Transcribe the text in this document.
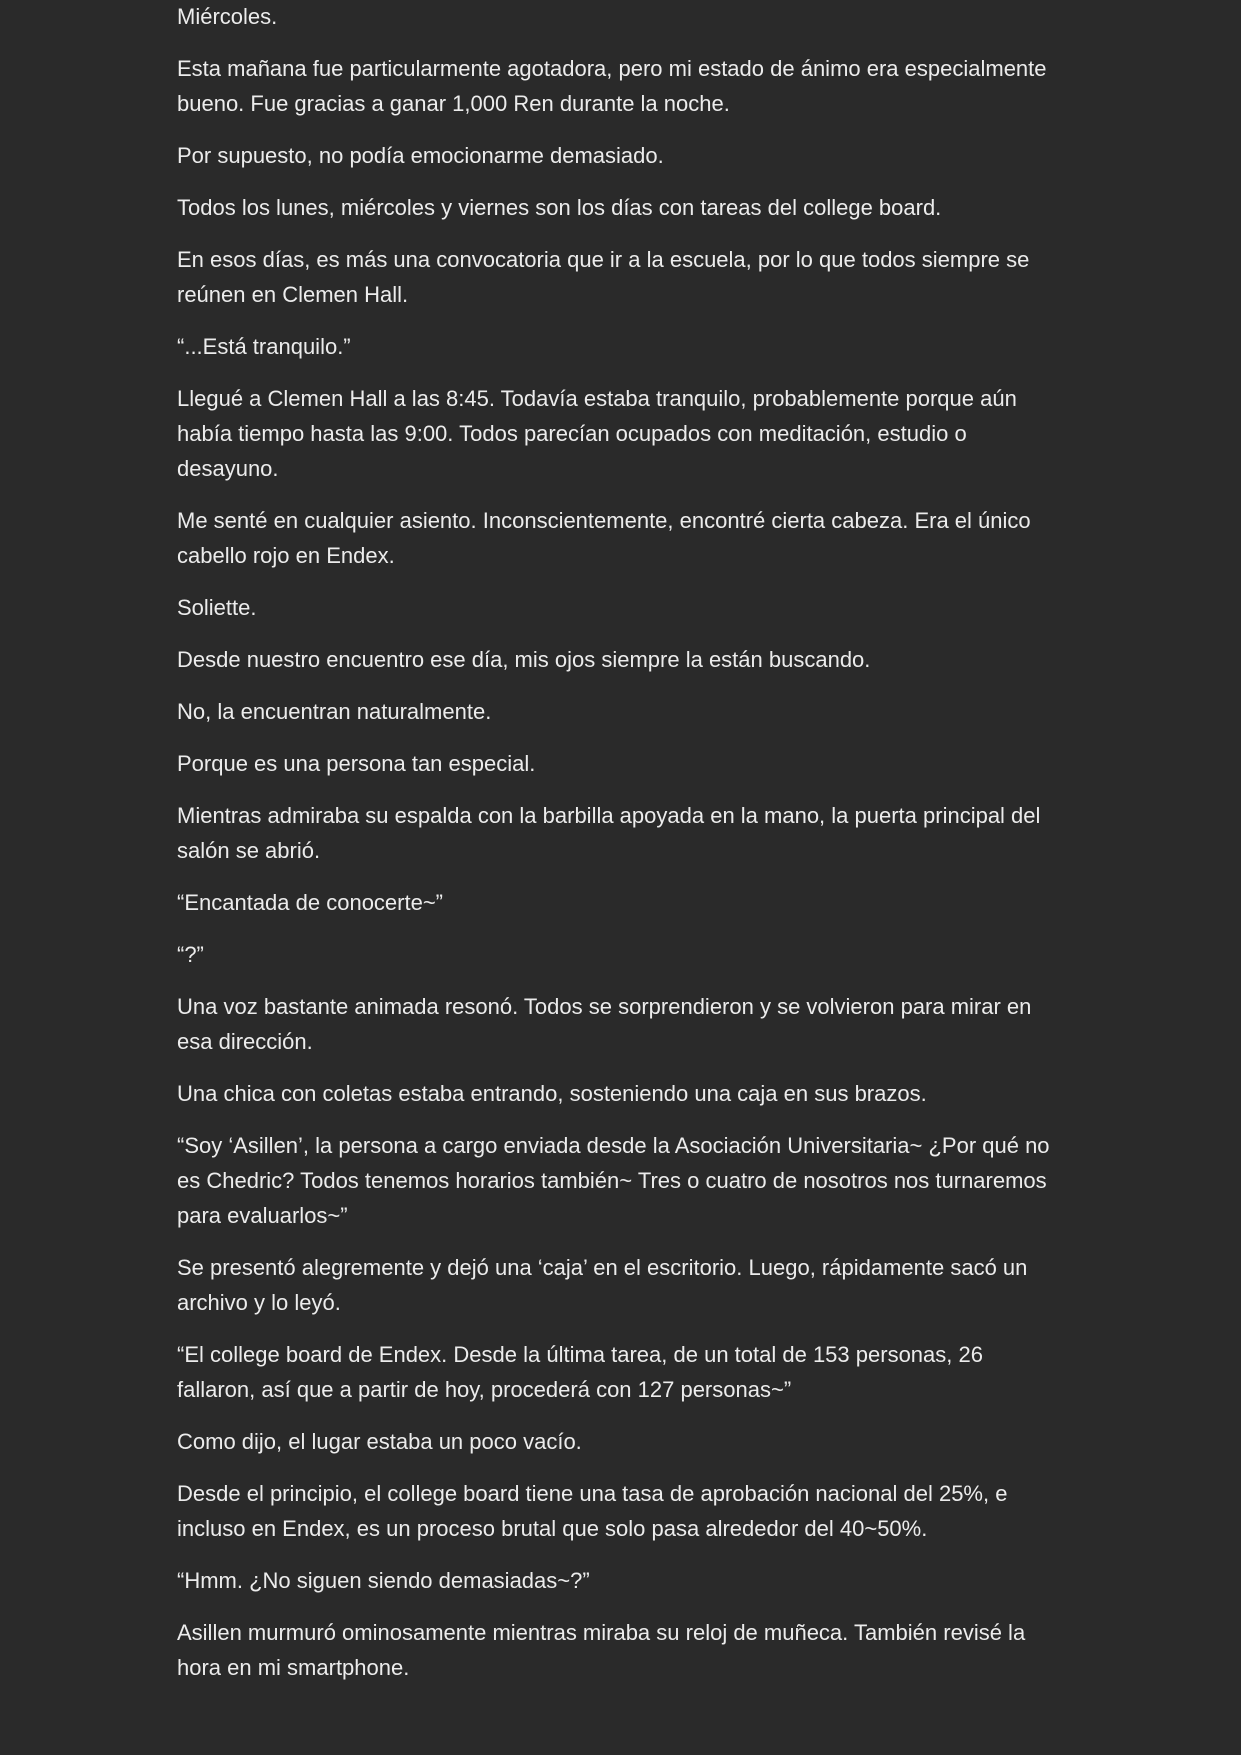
Miércoles.

Esta mañana fue particularmente agotadora, pero mi estado de ánimo era especialmente bueno. Fue gracias a ganar 1,000 Ren durante la noche.

Por supuesto, no podía emocionarme demasiado.

Todos los lunes, miércoles y viernes son los días con tareas del college board.

En esos días, es más una convocatoria que ir a la escuela, por lo que todos siempre se reúnen en Clemen Hall.

“...Está tranquilo.”

Llegué a Clemen Hall a las 8:45. Todavía estaba tranquilo, probablemente porque aún había tiempo hasta las 9:00. Todos parecían ocupados con meditación, estudio o desayuno.

Me senté en cualquier asiento. Inconscientemente, encontré cierta cabeza. Era el único cabello rojo en Endex.

Soliette.

Desde nuestro encuentro ese día, mis ojos siempre la están buscando.

No, la encuentran naturalmente.

Porque es una persona tan especial.

Mientras admiraba su espalda con la barbilla apoyada en la mano, la puerta principal del salón se abrió.

“Encantada de conocerte~”

“?”

Una voz bastante animada resonó. Todos se sorprendieron y se volvieron para mirar en esa dirección.

Una chica con coletas estaba entrando, sosteniendo una caja en sus brazos.

“Soy ‘Asillen’, la persona a cargo enviada desde la Asociación Universitaria~ ¿Por qué no es Chedric? Todos tenemos horarios también~ Tres o cuatro de nosotros nos turnaremos para evaluarlos~”

Se presentó alegremente y dejó una ‘caja’ en el escritorio. Luego, rápidamente sacó un archivo y lo leyó.

“El college board de Endex. Desde la última tarea, de un total de 153 personas, 26 fallaron, así que a partir de hoy, procederá con 127 personas~”

Como dijo, el lugar estaba un poco vacío.

Desde el principio, el college board tiene una tasa de aprobación nacional del 25%, e incluso en Endex, es un proceso brutal que solo pasa alrededor del 40~50%.

“Hmm. ¿No siguen siendo demasiadas~?”

Asillen murmuró ominosamente mientras miraba su reloj de muñeca. También revisé la hora en mi smartphone.
